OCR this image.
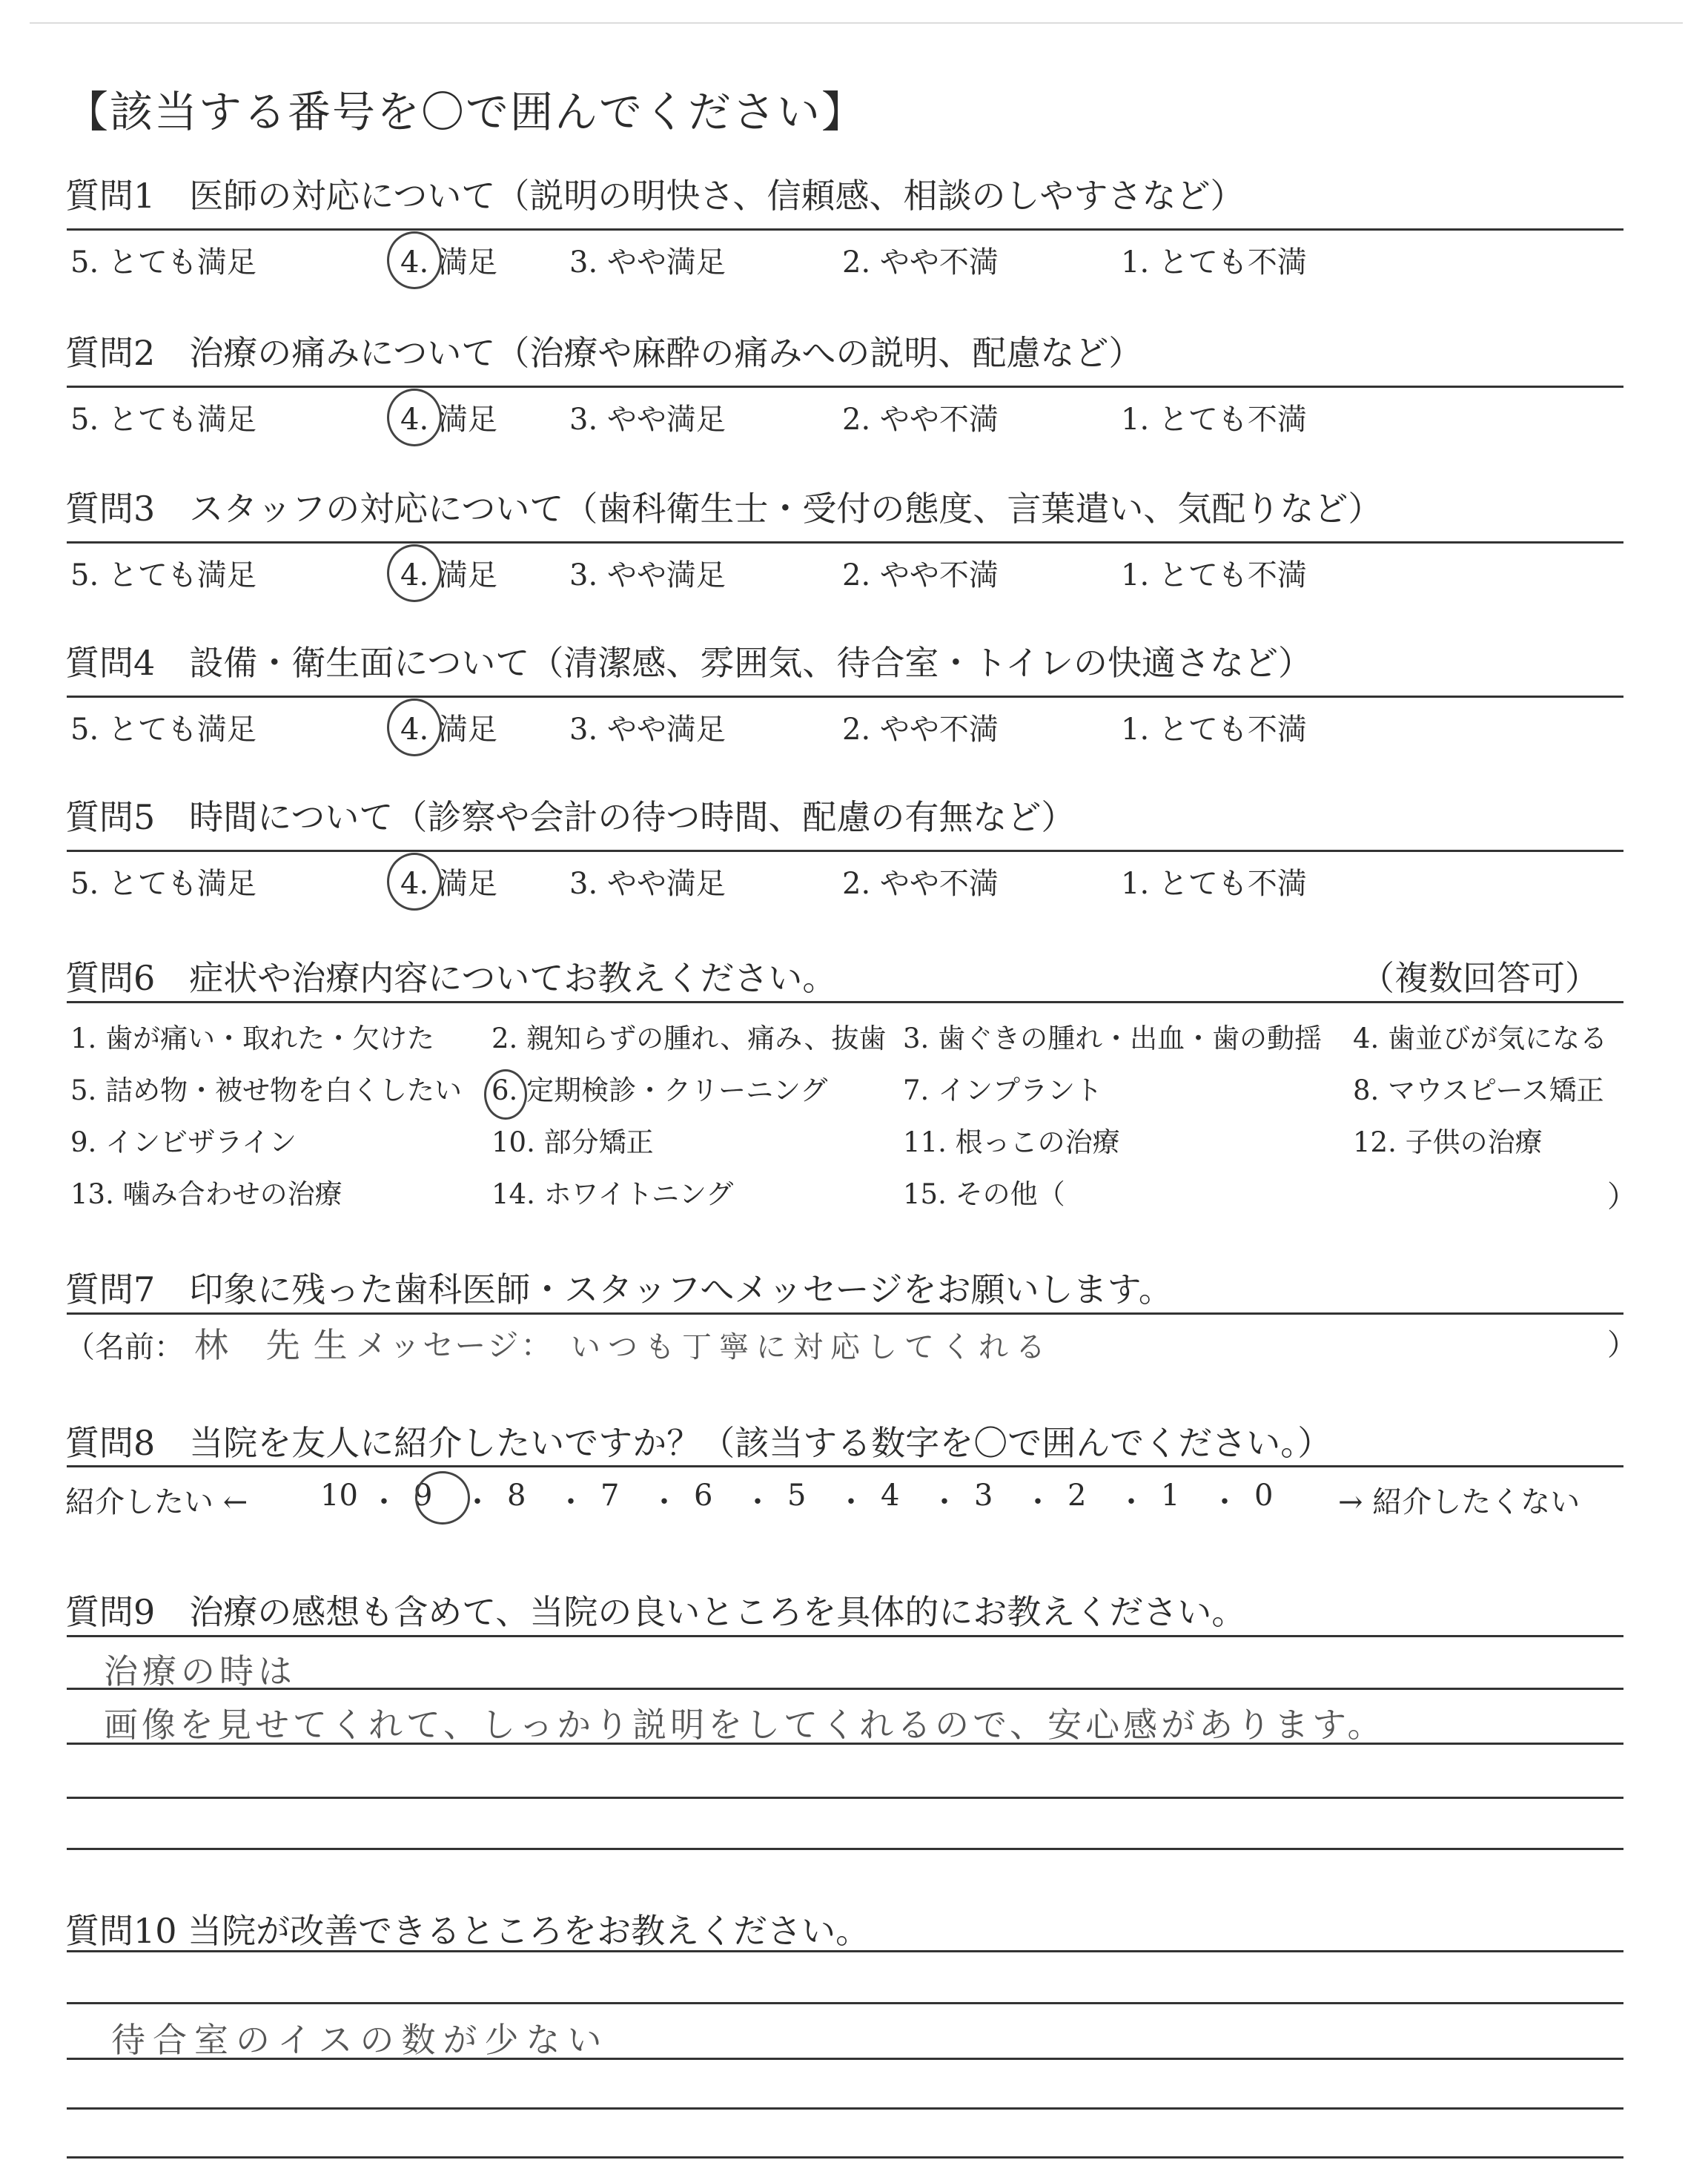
【該当する番号を〇で囲んでください】
質問1　医師の対応について（説明の明快さ、信頼感、相談のしやすさなど）
5. とても満足	4. 満足 3. やや満足	2. やや不満	1. とても不満
質問2　治療の痛みについて（治療や麻酔の痛みへの説明、配慮など）
5. とても満足	4. 満足 3. やや満足	2. やや不満	1. とても不満
質問3　スタッフの対応について（歯科衛生士・受付の態度、言葉遣い、気配りなど）
5. とても満足	4. 満足 3. やや満足	2. やや不満	1. とても不満
質問4　設備・衛生面について（清潔感、雰囲気、待合室・トイレの快適さなど）
5. とても満足	4. 満足 3. やや満足	2. やや不満	1. とても不満
質問5　時間について（診察や会計の待つ時間、配慮の有無など）
5. とても満足	4. 満足 3. やや満足	2. やや不満	1. とても不満
質問6　症状や治療内容についてお教えください。	（複数回答可）
1. 歯が痛い・取れた・欠けた 2. 親知らずの腫れ、痛み、抜歯 3. 歯ぐきの腫れ・出血・歯の動揺 4. 歯並びが気になる
5. 詰め物・被せ物を白くしたい 6. 定期検診・クリーニング	7. インプラント	8. マウスピース矯正
9. インビザライン	10. 部分矯正	11. 根っこの治療	12. 子供の治療
13. 噛み合わせの治療	14. ホワイトニング	15. その他（	）
質問7　印象に残った歯科医師・スタッフへメッセージをお願いします。
（名前： 林 先生
メッセージ： いつも丁寧に対応してくれる	）
質問8　当院を友人に紹介したいですか？（該当する数字を〇で囲んでください。）
紹介したい ← 10 ・ 9 ・ 8 ・ 7 ・ 6 ・ 5 ・ 4 ・ 3 ・ 2 ・ 1 ・ 0 → 紹介したくない
質問9　治療の感想も含めて、当院の良いところを具体的にお教えください。
治療の時は
画像を見せてくれて、しっかり説明をしてくれるので、安心感があります。
質問10 当院が改善できるところをお教えください。
待合室のイスの数が少ない
